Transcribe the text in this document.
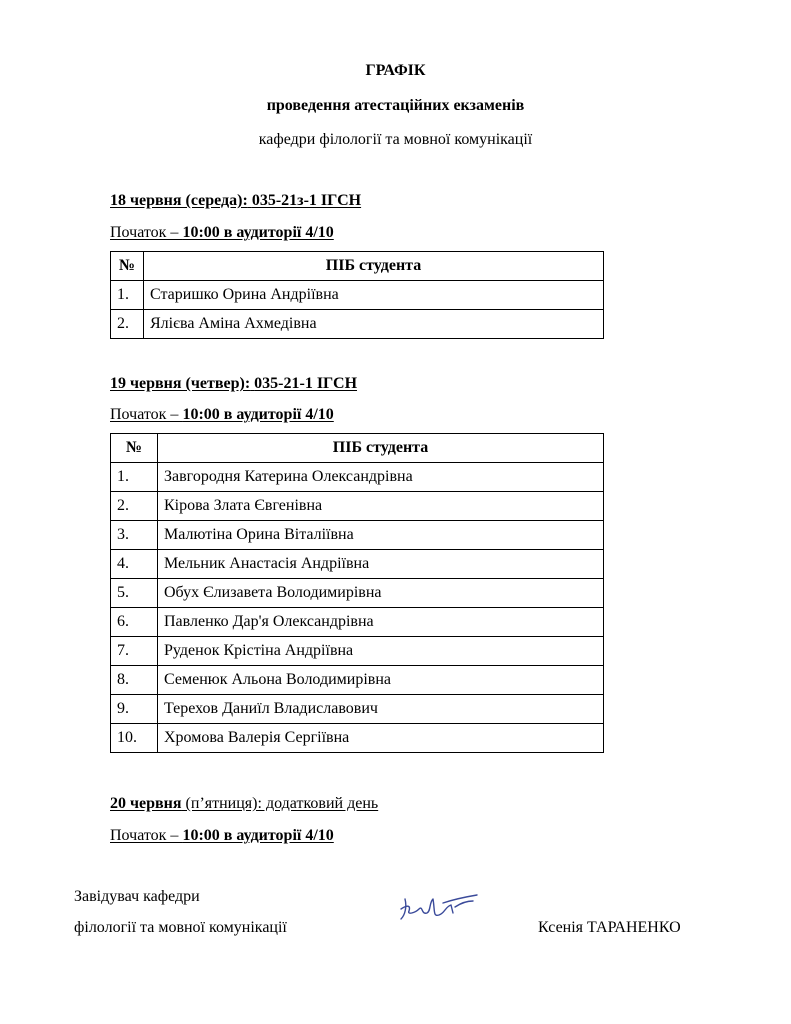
ГРАФІК
проведення атестаційних екзаменів
кафедри філології та мовної комунікації
18 червня (середа): 035-21з-1 ІГСН
Початок – 10:00 в аудиторії 4/10
№	ПІБ студента
1.	Старишко Орина Андріївна
2.	Ялієва Аміна Ахмедівна
19 червня (четвер): 035-21-1 ІГСН
Початок – 10:00 в аудиторії 4/10
№	ПІБ студента
1.	Завгородня Катерина Олександрівна
2.	Кірова Злата Євгенівна
3.	Малютіна Орина Віталіївна
4.	Мельник Анастасія Андріївна
5.	Обух Єлизавета Володимирівна
6.	Павленко Дар'я Олександрівна
7.	Руденок Крістіна Андріївна
8.	Семенюк Альона Володимирівна
9.	Терехов Даниїл Владиславович
10.	Хромова Валерія Сергіївна
20 червня (п’ятниця): додатковий день
Початок – 10:00 в аудиторії 4/10
Завідувач кафедри
філології та мовної комунікації	Ксенія ТАРАНЕНКО
